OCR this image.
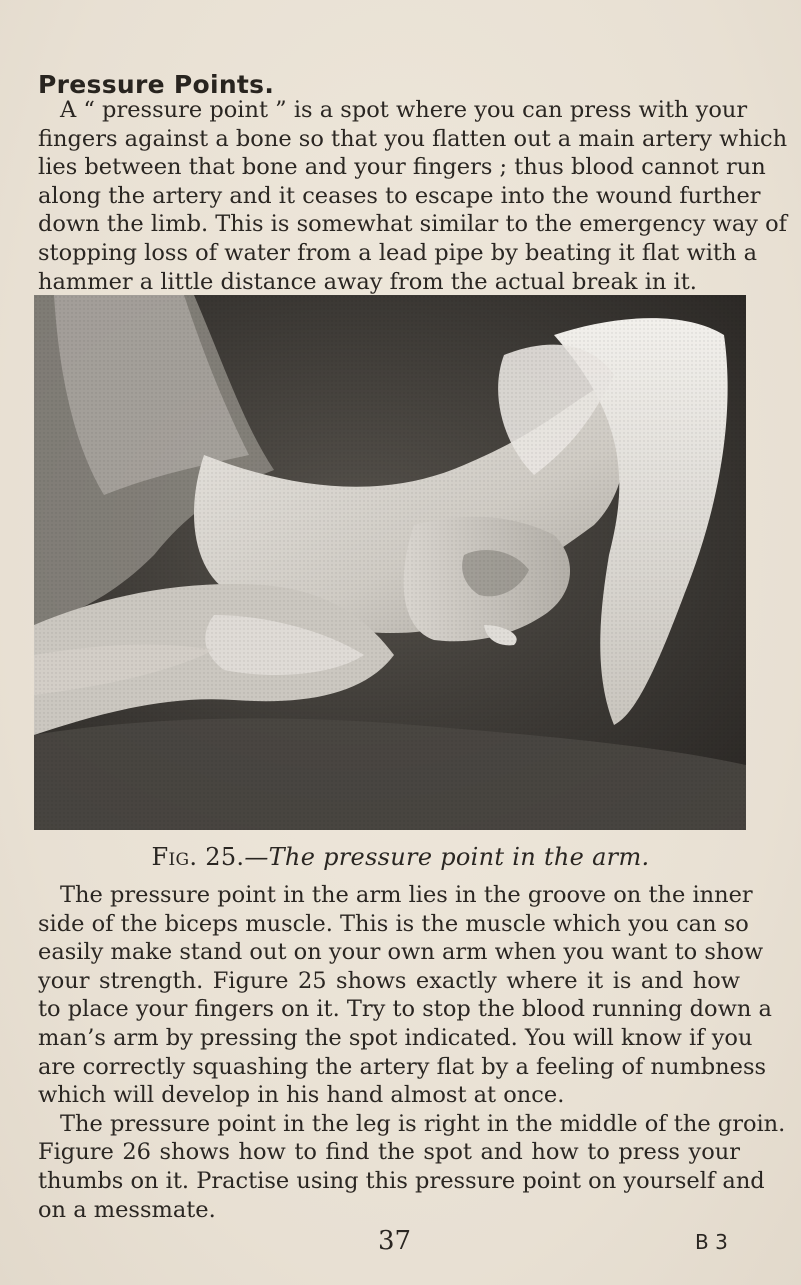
Pressure Points.
A “ pressure point ” is a spot where you can press with your
fingers against a bone so that you flatten out a main artery which
lies between that bone and your fingers ; thus blood cannot run
along the artery and it ceases to escape into the wound further
down the limb. This is somewhat similar to the emergency way of
stopping loss of water from a lead pipe by beating it flat with a
hammer a little distance away from the actual break in it.
Fig. 25.—The pressure point in the arm.
The pressure point in the arm lies in the groove on the inner
side of the biceps muscle. This is the muscle which you can so
easily make stand out on your own arm when you want to show
your strength. Figure 25 shows exactly where it is and how
to place your fingers on it. Try to stop the blood running down a
man’s arm by pressing the spot indicated. You will know if you
are correctly squashing the artery flat by a feeling of numbness
which will develop in his hand almost at once.
The pressure point in the leg is right in the middle of the groin.
Figure 26 shows how to find the spot and how to press your
thumbs on it. Practise using this pressure point on yourself and
on a messmate.
37	B 3
